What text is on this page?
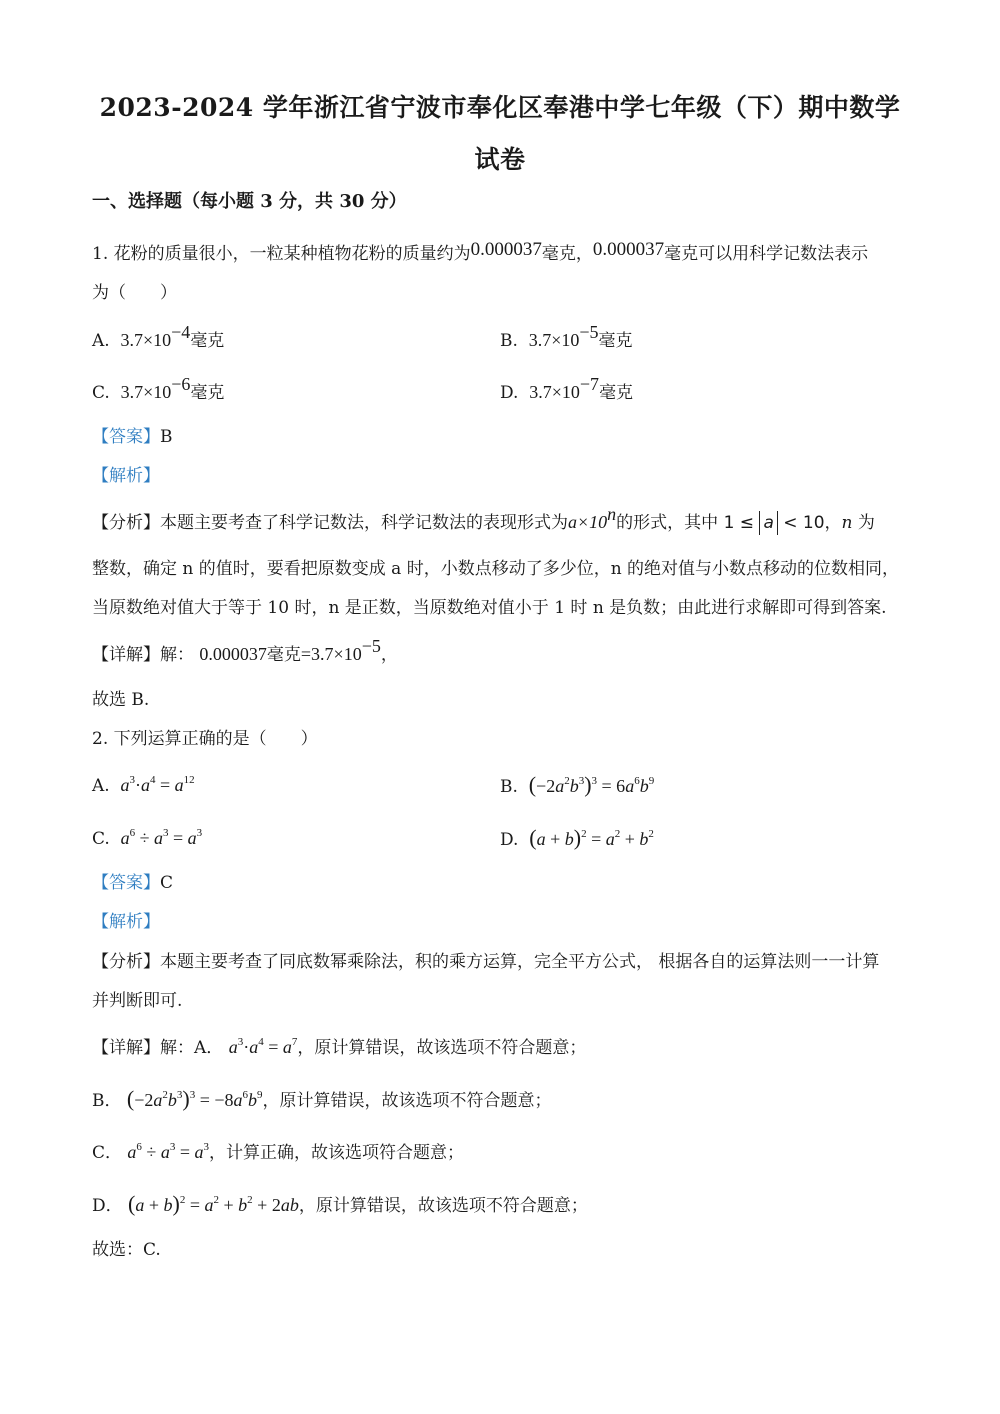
2023-2024 学年浙江省宁波市奉化区奉港中学七年级（下）期中数学
试卷
一、选择题（每小题 3 分，共 30 分）
1. 花粉的质量很小，一粒某种植物花粉的质量约为0.000037毫克，0.000037毫克可以用科学记数法表示
为（　　）
A. $3.7\times 10^{-4}$毫克	B. $3.7\times 10^{-5}$毫克
C. $3.7\times 10^{-6}$毫克	D. $3.7\times 10^{-7}$毫克
【答案】B
【解析】
【分析】本题主要考查了科学记数法，科学记数法的表现形式为$a\times 10^n$的形式，其中 1 ≤ a < 10，n 为
整数，确定 n 的值时，要看把原数变成 a 时，小数点移动了多少位，n 的绝对值与小数点移动的位数相同，
当原数绝对值大于等于 10 时，n 是正数，当原数绝对值小于 1 时 n 是负数；由此进行求解即可得到答案.
【详解】解： 0.000037毫克$=3.7\times 10^{-5}$，
故选 B.
2. 下列运算正确的是（　　）
A. $a^3\cdot a^4 = a^{12}$	B. $(-2a^2b^3)^3 = 6a^6b^9$
C. $a^6 \div a^3 = a^3$	D. $(a + b)^2 = a^2 + b^2$
【答案】C
【解析】
【分析】本题主要考查了同底数幂乘除法，积的乘方运算，完全平方公式， 根据各自的运算法则一一计算
并判断即可.
【详解】解：A． $a^3\cdot a^4 = a^7$，原计算错误，故该选项不符合题意；
B． $(-2a^2b^3)^3 = -8a^6b^9$，原计算错误，故该选项不符合题意；
C． $a^6 \div a^3 = a^3$，计算正确，故该选项符合题意；
D． $(a + b)^2 = a^2 + b^2 + 2ab$，原计算错误，故该选项不符合题意；
故选：C.
